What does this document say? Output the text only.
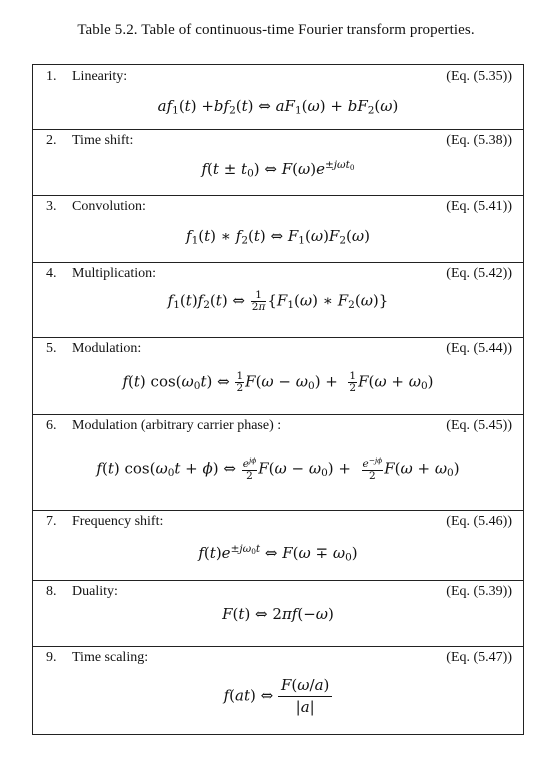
Table 5.2. Table of continuous-time Fourier transform properties.
1. Linearity:	(Eq. (5.35))
$af_1(t) +bf_2(t)$ ⇔ $aF_1(\omega) + bF_2(\omega)$
2. Time shift:	(Eq. (5.38))
$f(t \pm t_0)$ ⇔ $F(\omega)e^{\pm j\omega t_0}$
3. Convolution:	(Eq. (5.41))
$f_1(t)$ ∗ $f_2(t)$ ⇔ $F_1(\omega)F_2(\omega)$
4. Multiplication:	(Eq. (5.42))
$f_1(t)f_2(t)$ ⇔ $\frac{1}{2\pi} \{F_1(\omega)$ ∗ $F_2(\omega)$}
5. Modulation:	(Eq. (5.44))
f(t) $\cos(\omega_0t)$ ⇔ $\frac{1}{2} F(\omega - \omega_0) + \frac{1}{2} F(\omega + \omega_0)$
6. Modulation (arbitrary carrier phase) :	(Eq. (5.45))
f(t) $\cos(\omega_0t + \phi)$ ⇔ $\frac{e^{j\phi}}{2} F(\omega - \omega_0) + \frac{e^{-j\phi}}{2} F(\omega + \omega_0)$
7. Frequency shift:	(Eq. (5.46))
$f(t)e^{\pm j\omega_0t}$ ⇔ $F(\omega \mp \omega_0)$
8. Duality:	(Eq. (5.39))
F(t) ⇔ 2πf(−ω)
9. Time scaling:	(Eq. (5.47))
f(at) ⇔ $\frac{F(\omega/a)}{|a|}$
